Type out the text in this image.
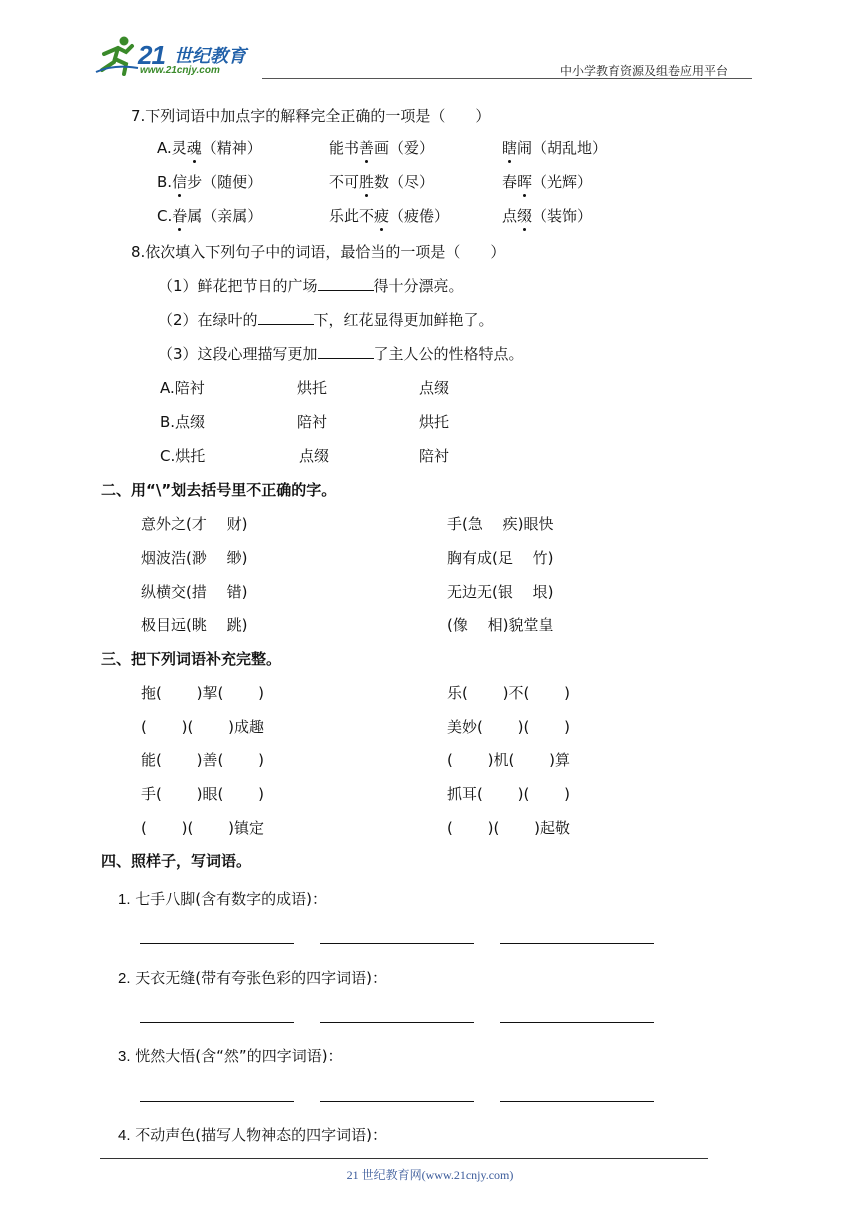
21 世纪教育
www.21cnjy.com	中小学教育资源及组卷应用平台
7.下列词语中加点字的解释完全正确的一项是（　　）
A.灵魂（精神）	能书善画（爱）	瞎闹（胡乱地）
B.信步（随便）	不可胜数（尽）	春晖（光辉）
C.眷属（亲属）	乐此不疲（疲倦）	点缀（装饰）
8.依次填入下列句子中的词语，最恰当的一项是（　　）
（1）鲜花把节日的广场	得十分漂亮。
（2）在绿叶的	下，红花显得更加鲜艳了。
（3）这段心理描写更加	了主人公的性格特点。
A.陪衬	烘托	点缀
B.点缀	陪衬	烘托
C.烘托	点缀	陪衬
二、用“\”划去括号里不正确的字。
意外之(才　 财)	手(急　 疾)眼快
烟波浩(渺　 缈)	胸有成(足　 竹)
纵横交(措　 错)	无边无(银　 垠)
极目远(眺　 跳)	(像　 相)貌堂皇
三、把下列词语补充完整。
拖(　　 )挈(　　 )	乐(　　 )不(　　 )
(　　 )(　　 )成趣	美妙(　　 )(　　 )
能(　　 )善(　　 )	(　　 )机(　　 )算
手(　　 )眼(　　 )	抓耳(　　 )(　　 )
(　　 )(　　 )镇定	(　　 )(　　 )起敬
四、照样子，写词语。
1. 七手八脚(含有数字的成语)：
2. 天衣无缝(带有夸张色彩的四字词语)：
3. 恍然大悟(含“然”的四字词语)：
4. 不动声色(描写人物神态的四字词语)：
21 世纪教育网(www.21cnjy.com)
